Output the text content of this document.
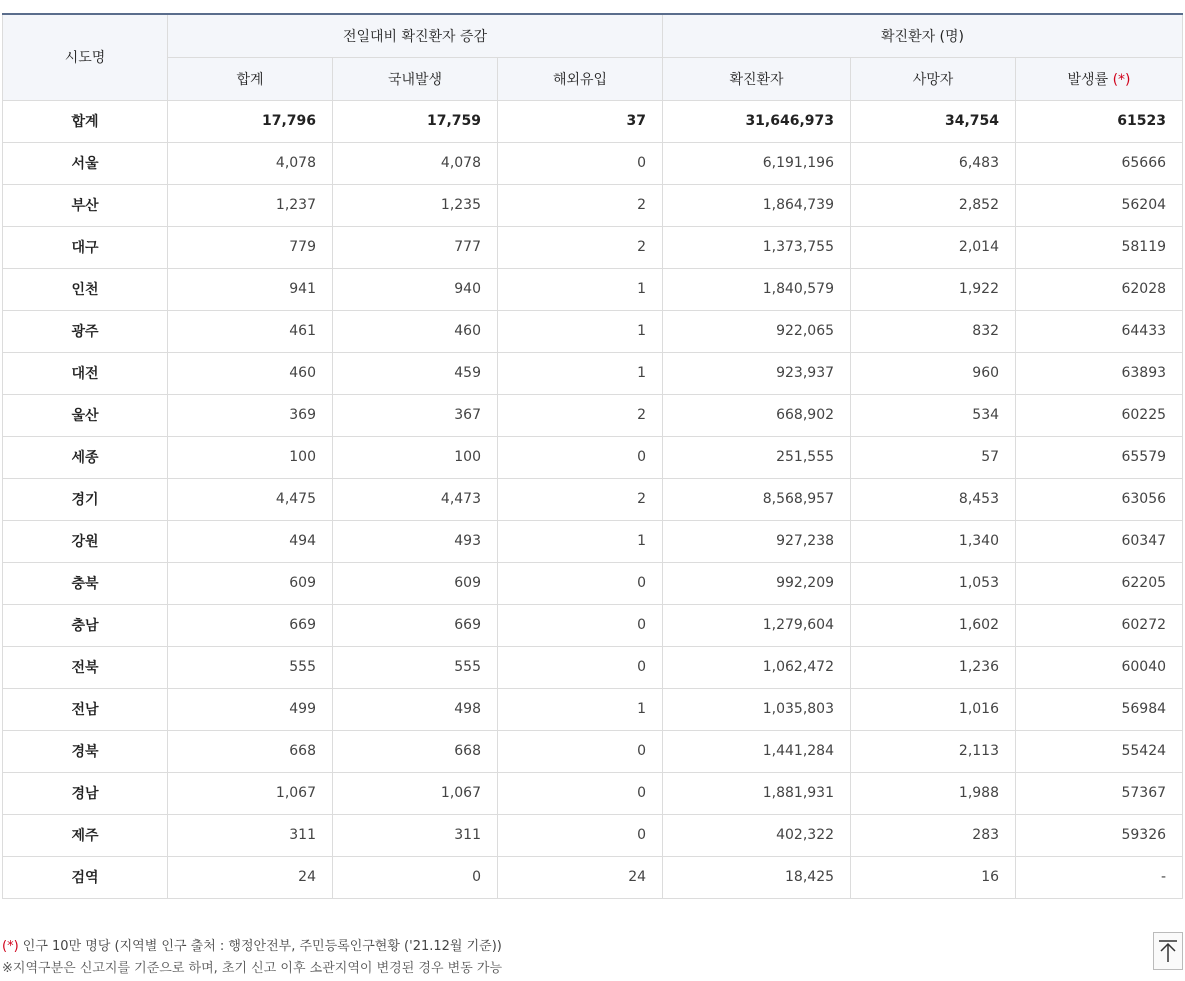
시도명	전일대비 확진환자 증감			확진환자 (명)		
	합계	국내발생	해외유입	확진환자	사망자	발생률 (*)
합계	17,796	17,759	37	31,646,973	34,754	61523
서울	4,078	4,078	0	6,191,196	6,483	65666
부산	1,237	1,235	2	1,864,739	2,852	56204
대구	779	777	2	1,373,755	2,014	58119
인천	941	940	1	1,840,579	1,922	62028
광주	461	460	1	922,065	832	64433
대전	460	459	1	923,937	960	63893
울산	369	367	2	668,902	534	60225
세종	100	100	0	251,555	57	65579
경기	4,475	4,473	2	8,568,957	8,453	63056
강원	494	493	1	927,238	1,340	60347
충북	609	609	0	992,209	1,053	62205
충남	669	669	0	1,279,604	1,602	60272
전북	555	555	0	1,062,472	1,236	60040
전남	499	498	1	1,035,803	1,016	56984
경북	668	668	0	1,441,284	2,113	55424
경남	1,067	1,067	0	1,881,931	1,988	57367
제주	311	311	0	402,322	283	59326
검역	24	0	24	18,425	16	-
(*) 인구 10만 명당 (지역별 인구 출처 : 행정안전부, 주민등록인구현황 ('21.12월 기준))
※지역구분은 신고지를 기준으로 하며, 초기 신고 이후 소관지역이 변경된 경우 변동 가능
